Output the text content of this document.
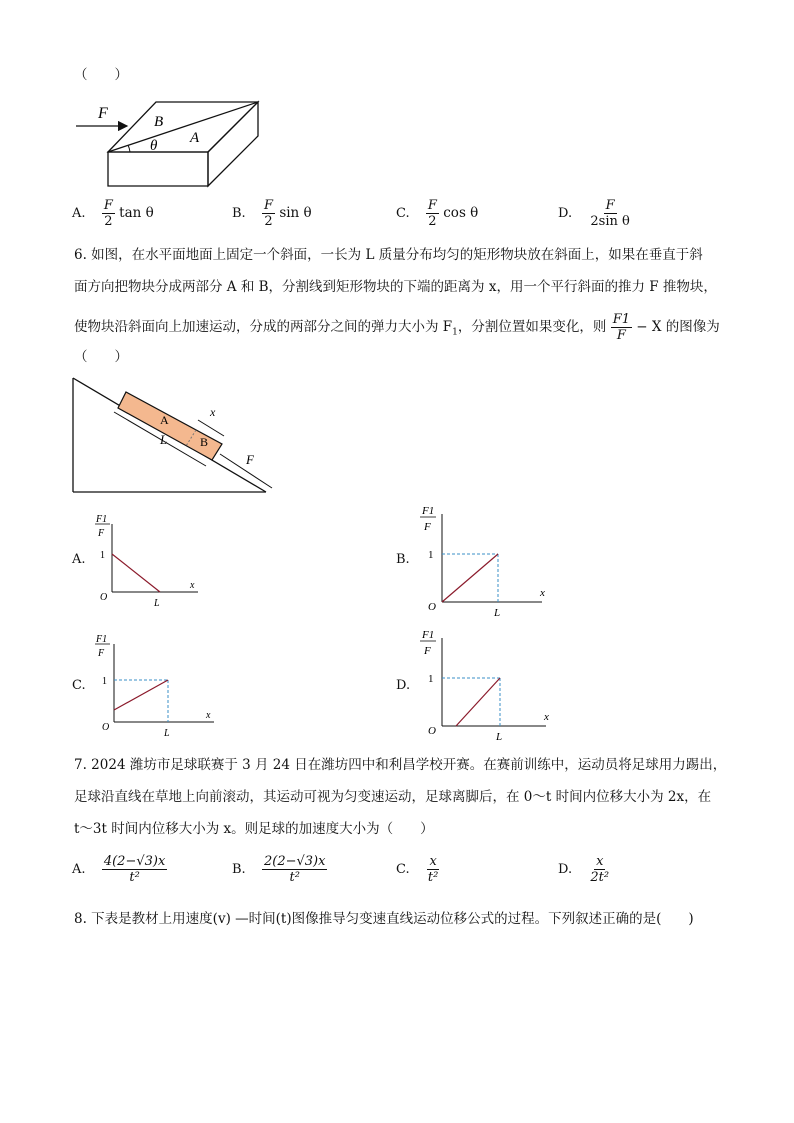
（　　）
F	B
A
θ
A. $\frac{F}{2}$ tan θ	B. $\frac{F}{2}$ sin θ	C. $\frac{F}{2}$ cos θ	D. $\frac{F}{\text{2sin θ}}$
6. 如图，在水平面地面上固定一个斜面，一长为 L 质量分布均匀的矩形物块放在斜面上，如果在垂直于斜
面方向把物块分成两部分 A 和 B，分割线到矩形物块的下端的距离为 x，用一个平行斜面的推力 F 推物块，
使物块沿斜面向上加速运动，分成的两部分之间的弹力大小为 $F_1$，分割位置如果变化，则 $\frac{F1}{F} - X$ 的图像为
（　　）
A
B
x
L
F
A.
F1
F
1
O
x
L
B.
F1
F
1
O
x
L
C.
F1
F
1
O
x
L
D.
F1
F
1
O
x
L
7. 2024 潍坊市足球联赛于 3 月 24 日在潍坊四中和利昌学校开赛。在赛前训练中，运动员将足球用力踢出，
足球沿直线在草地上向前滚动，其运动可视为匀变速运动，足球离脚后，在 0～t 时间内位移大小为 2x，在
t～3t 时间内位移大小为 x。则足球的加速度大小为（　　）
A. $\frac{4(2-√3)x}{\text{t²}}$	B. $\frac{2(2-√3)x}{\text{t²}}$	C. $\frac{x}{\text{t²}}$	D. $\frac{x}{\text{2t²}}$
8. 下表是教材上用速度(v) —时间(t)图像推导匀变速直线运动位移公式的过程。下列叙述正确的是(　　)
